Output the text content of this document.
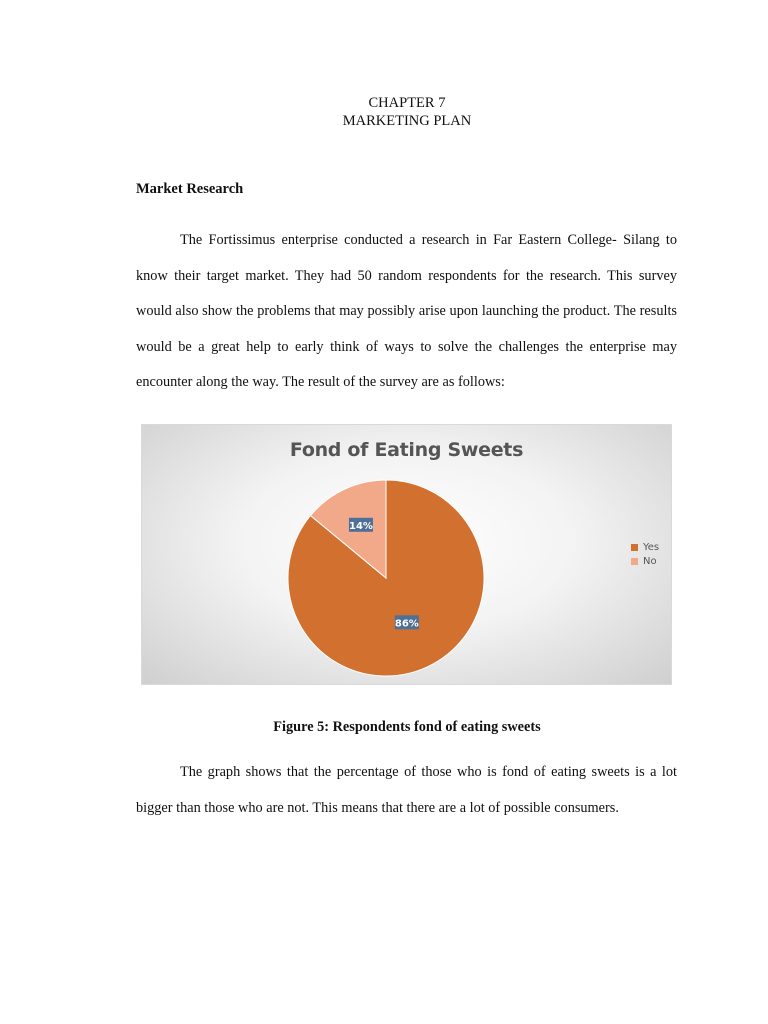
CHAPTER 7
MARKETING PLAN
Market Research

The Fortissimus enterprise conducted a research in Far Eastern College- Silang to know their target market. They had 50 random respondents for the research. This survey would also show the problems that may possibly arise upon launching the product. The results would be a great help to early think of ways to solve the challenges the enterprise may encounter along the way. The result of the survey are as follows:

86%
14%
Fond of Eating Sweets
Yes
No
Figure 5: Respondents fond of eating sweets

The graph shows that the percentage of those who is fond of eating sweets is a lot bigger than those who are not. This means that there are a lot of possible consumers.
